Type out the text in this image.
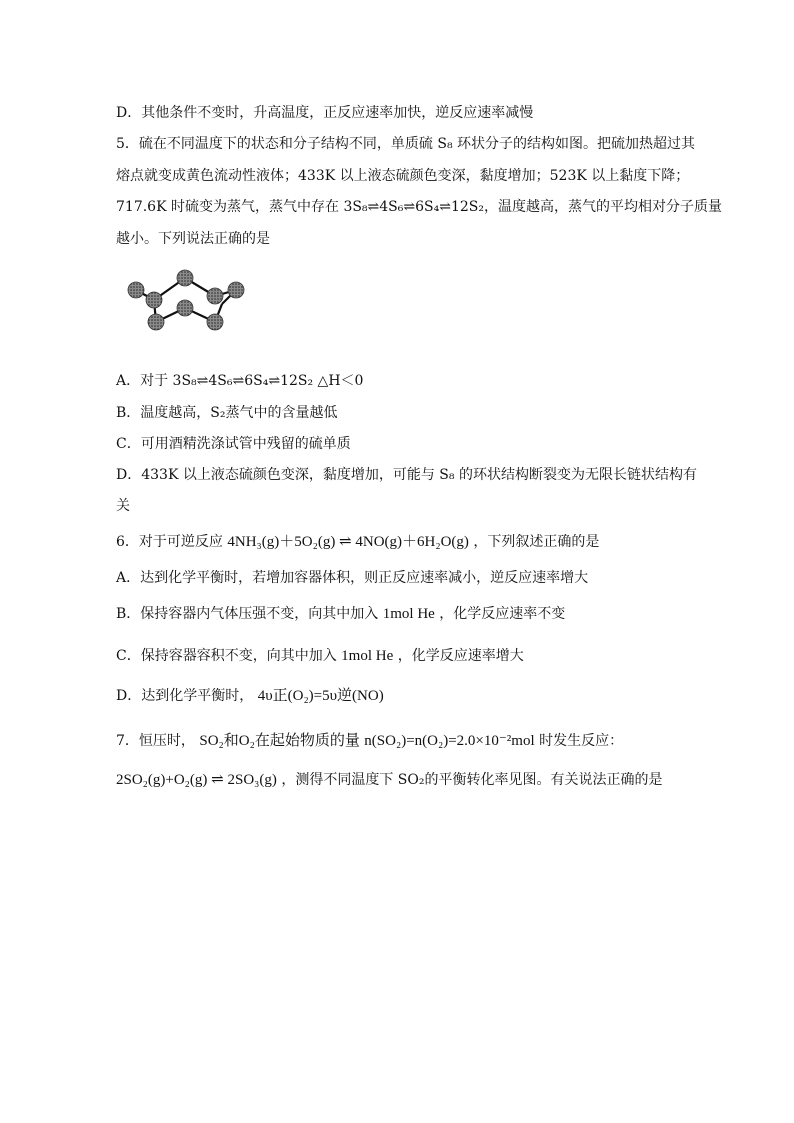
D．其他条件不变时，升高温度，正反应速率加快，逆反应速率减慢
5．硫在不同温度下的状态和分子结构不同，单质硫 S₈ 环状分子的结构如图。把硫加热超过其
熔点就变成黄色流动性液体；433K 以上液态硫颜色变深，黏度增加；523K 以上黏度下降；
717.6K 时硫变为蒸气，蒸气中存在 3S₈⇌4S₆⇌6S₄⇌12S₂，温度越高，蒸气的平均相对分子质量
越小。下列说法正确的是
A．对于 3S₈⇌4S₆⇌6S₄⇌12S₂ △H＜0
B．温度越高，S₂蒸气中的含量越低
C．可用酒精洗涤试管中残留的硫单质
D．433K 以上液态硫颜色变深，黏度增加，可能与 S₈ 的环状结构断裂变为无限长链状结构有
关
6．对于可逆反应 4NH₃(g)＋5O₂(g) ⇌ 4NO(g)＋6H₂O(g) ，下列叙述正确的是
A．达到化学平衡时，若增加容器体积，则正反应速率减小，逆反应速率增大
B．保持容器内气体压强不变，向其中加入 1mol He ，化学反应速率不变
C．保持容器容积不变，向其中加入 1mol He ，化学反应速率增大
D．达到化学平衡时， 4υ正(O₂)=5υ逆(NO)
7．恒压时， SO₂和O₂在起始物质的量 n(SO₂)=n(O₂)=2.0×10⁻²mol 时发生反应：
2SO₂(g)+O₂(g) ⇌ 2SO₃(g) ，测得不同温度下 SO₂的平衡转化率见图。有关说法正确的是
